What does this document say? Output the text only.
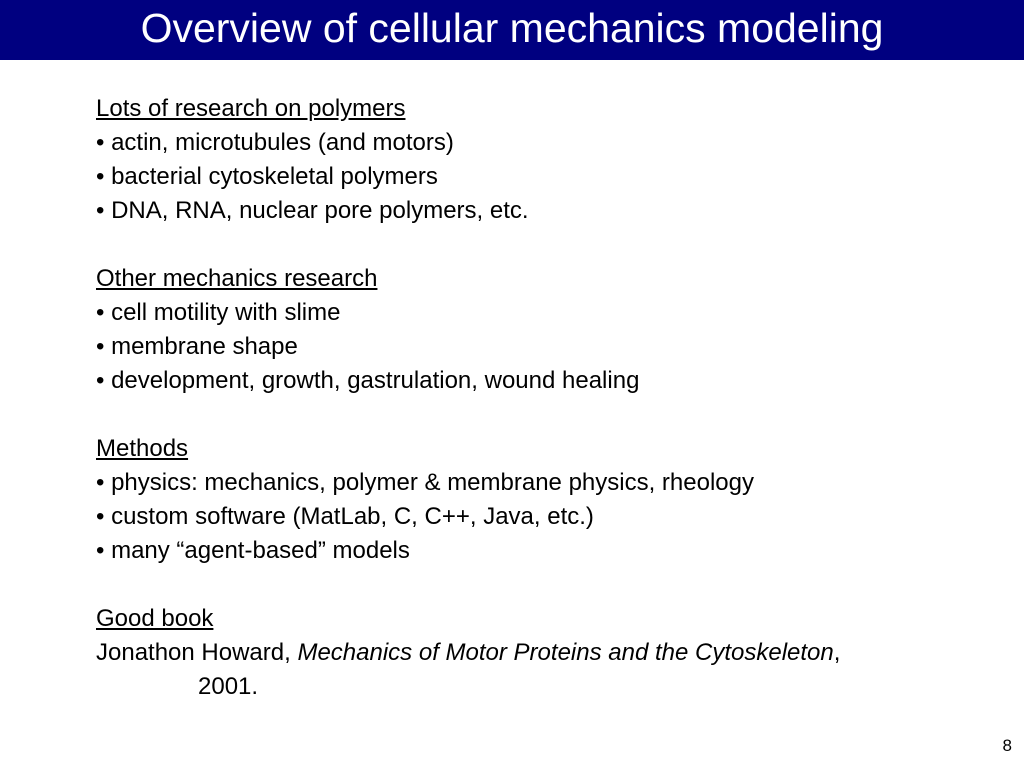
Overview of cellular mechanics modeling
Lots of research on polymers
• actin, microtubules (and motors)
• bacterial cytoskeletal polymers
• DNA, RNA, nuclear pore polymers, etc.
Other mechanics research
• cell motility with slime
• membrane shape
• development, growth, gastrulation, wound healing
Methods
• physics: mechanics, polymer & membrane physics, rheology
• custom software (MatLab, C, C++, Java, etc.)
• many “agent-based” models
Good book
Jonathon Howard, Mechanics of Motor Proteins and the Cytoskeleton,
2001.
8
